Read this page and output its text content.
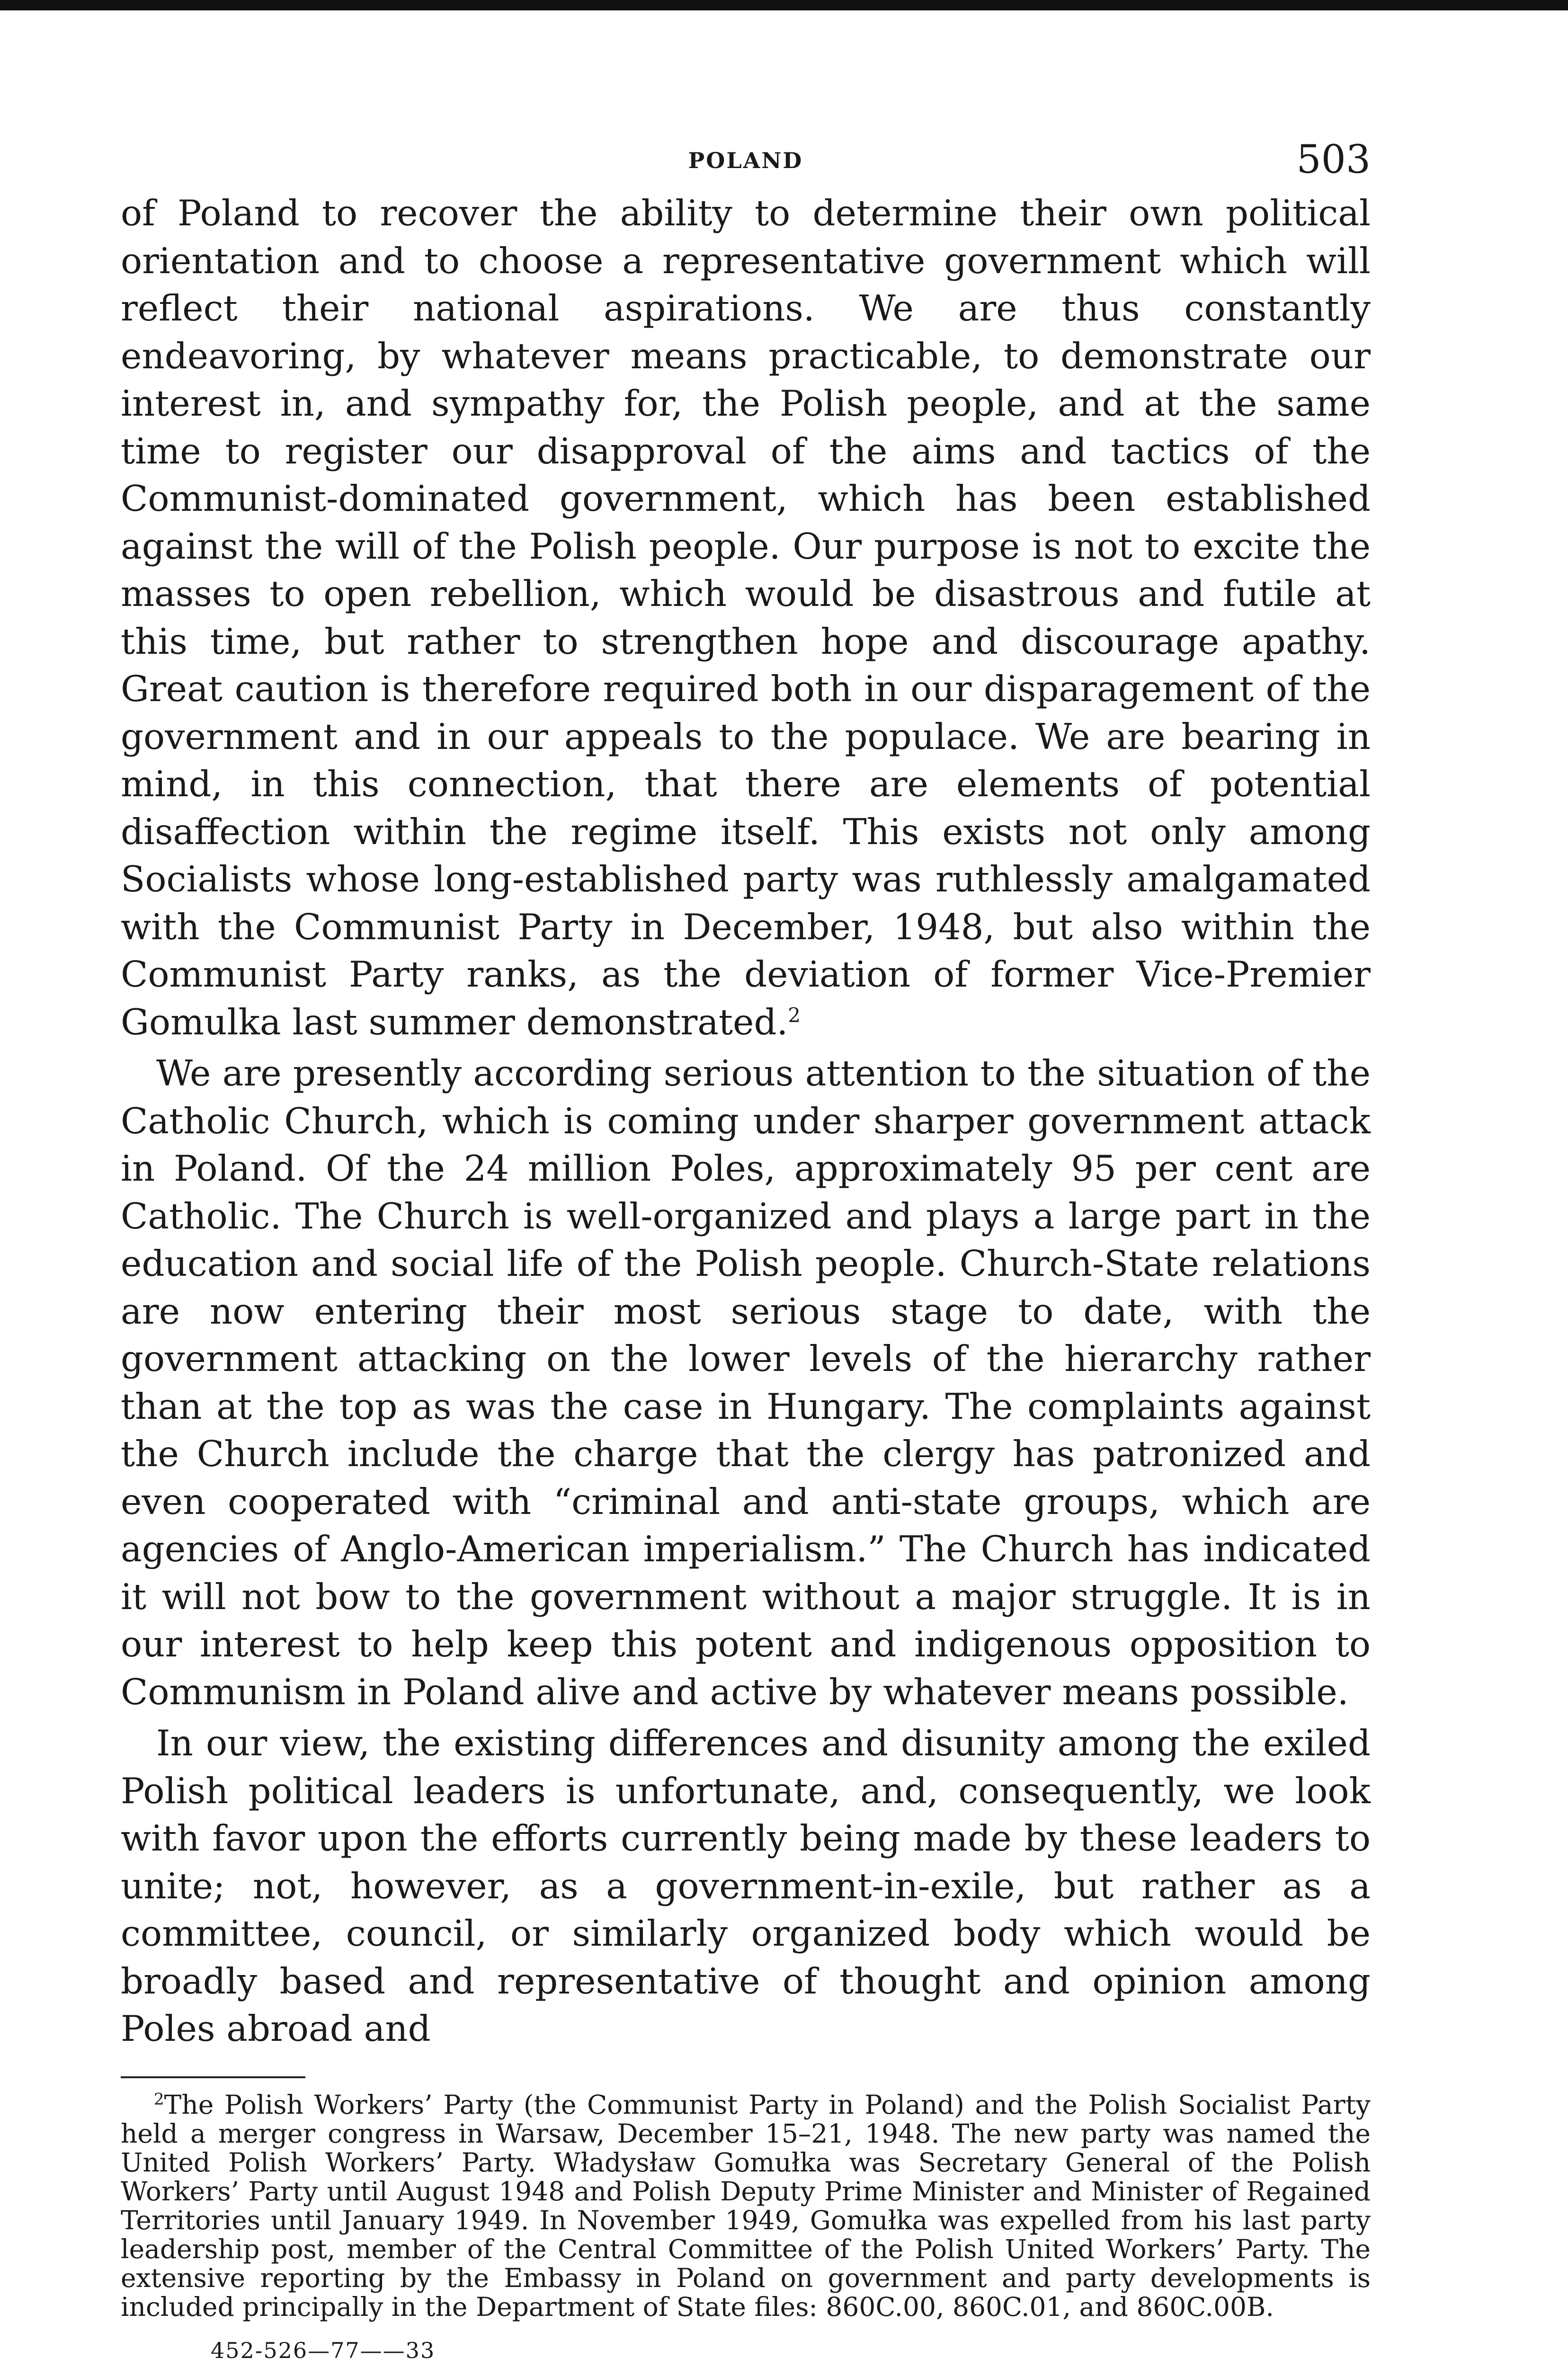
POLAND	503

of Poland to recover the ability to determine their own political orientation and to choose a representative government which will reflect their national aspirations. We are thus constantly endeavoring, by whatever means practicable, to demonstrate our interest in, and sympathy for, the Polish people, and at the same time to register our disapproval of the aims and tactics of the Communist-dominated government, which has been established against the will of the Polish people. Our purpose is not to excite the masses to open rebellion, which would be disastrous and futile at this time, but rather to strengthen hope and discourage apathy. Great caution is therefore required both in our disparagement of the government and in our appeals to the populace. We are bearing in mind, in this connection, that there are elements of potential disaffection within the regime itself. This exists not only among Socialists whose long-established party was ruthlessly amalgamated with the Communist Party in December, 1948, but also within the Communist Party ranks, as the deviation of former Vice-Premier Gomulka last summer demonstrated.$^2$

We are presently according serious attention to the situation of the Catholic Church, which is coming under sharper government attack in Poland. Of the 24 million Poles, approximately 95 per cent are Catholic. The Church is well-organized and plays a large part in the education and social life of the Polish people. Church-State relations are now entering their most serious stage to date, with the government attacking on the lower levels of the hierarchy rather than at the top as was the case in Hungary. The complaints against the Church include the charge that the clergy has patronized and even cooperated with “criminal and anti-state groups, which are agencies of Anglo-American imperialism.” The Church has indicated it will not bow to the government without a major struggle. It is in our interest to help keep this potent and indigenous opposition to Communism in Poland alive and active by whatever means possible.

In our view, the existing differences and disunity among the exiled Polish political leaders is unfortunate, and, consequently, we look with favor upon the efforts currently being made by these leaders to unite; not, however, as a government-in-exile, but rather as a committee, council, or similarly organized body which would be broadly based and representative of thought and opinion among Poles abroad and

$^2$The Polish Workers’ Party (the Communist Party in Poland) and the Polish Socialist Party held a merger congress in Warsaw, December 15–21, 1948. The new party was named the United Polish Workers’ Party. Władysław Gomułka was Secretary General of the Polish Workers’ Party until August 1948 and Polish Deputy Prime Minister and Minister of Regained Territories until January 1949. In November 1949, Gomułka was expelled from his last party leadership post, member of the Central Committee of the Polish United Workers’ Party. The extensive reporting by the Embassy in Poland on government and party developments is included principally in the Department of State files: 860C.00, 860C.01, and 860C.00B.

452-526—77——33
